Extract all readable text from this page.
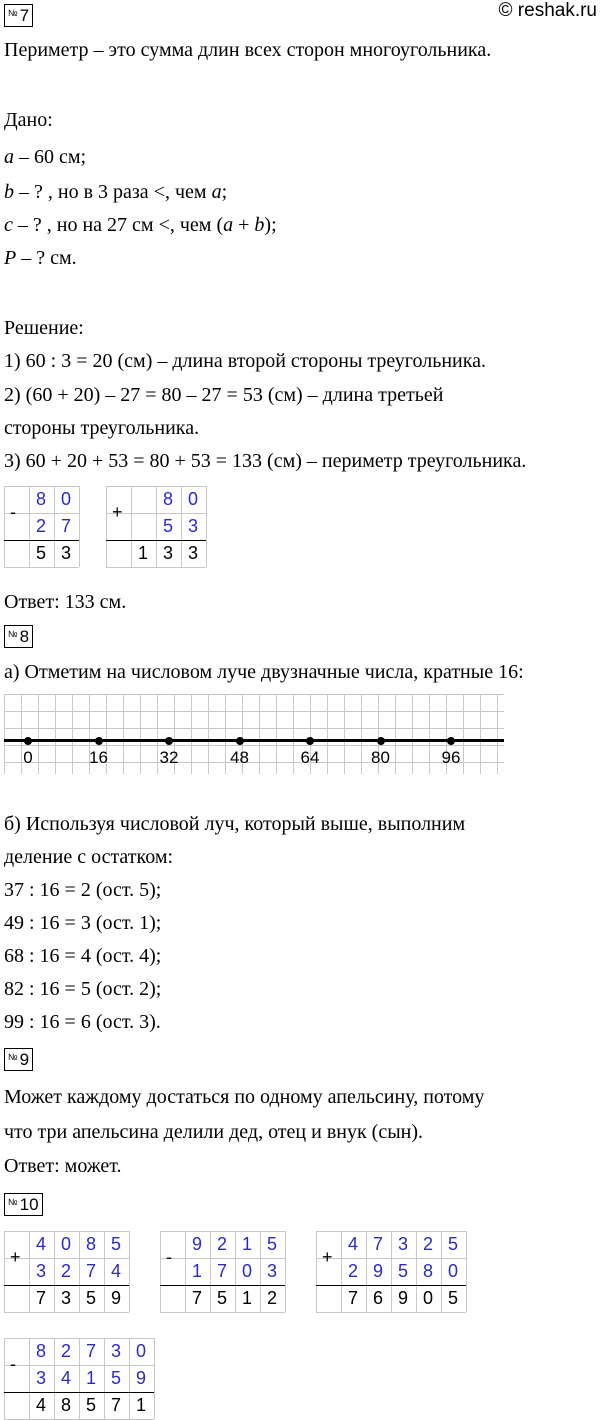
© reshak.ru
№ 7
Периметр – это сумма длин всех сторон многоугольника.
Дано:
a – 60 см;
b – ? , но в 3 раза <, чем a;
c – ? , но на 27 см <, чем (a + b);
P – ? см.
Решение:
1) 60 : 3 = 20 (см) – длина второй стороны треугольника.
2) (60 + 20) – 27 = 80 – 27 = 53 (см) – длина третьей
стороны треугольника.
3) 60 + 20 + 53 = 80 + 53 = 133 (см) – периметр треугольника.
-
8 0
2 7
5 3
+
8 0
5 3
1 3 3
Ответ: 133 см.
№ 8
а) Отметим на числовом луче двузначные числа, кратные 16:
0	16	32	48	64	80	96
б) Используя числовой луч, который выше, выполним
деление с остатком:
37 : 16 = 2 (ост. 5);
49 : 16 = 3 (ост. 1);
68 : 16 = 4 (ост. 4);
82 : 16 = 5 (ост. 2);
99 : 16 = 6 (ост. 3).
№ 9
Может каждому достаться по одному апельсину, потому
что три апельсина делили дед, отец и внук (сын).
Ответ: может.
№ 10
+
4 0 8 5
3 2 7 4
7 3 5 9
-
9 2 1 5
1 7 0 3
7 5 1 2
+
4 7 3 2 5
2 9 5 8 0
7 6 9 0 5
-
8 2 7 3 0
3 4 1 5 9
4 8 5 7 1
